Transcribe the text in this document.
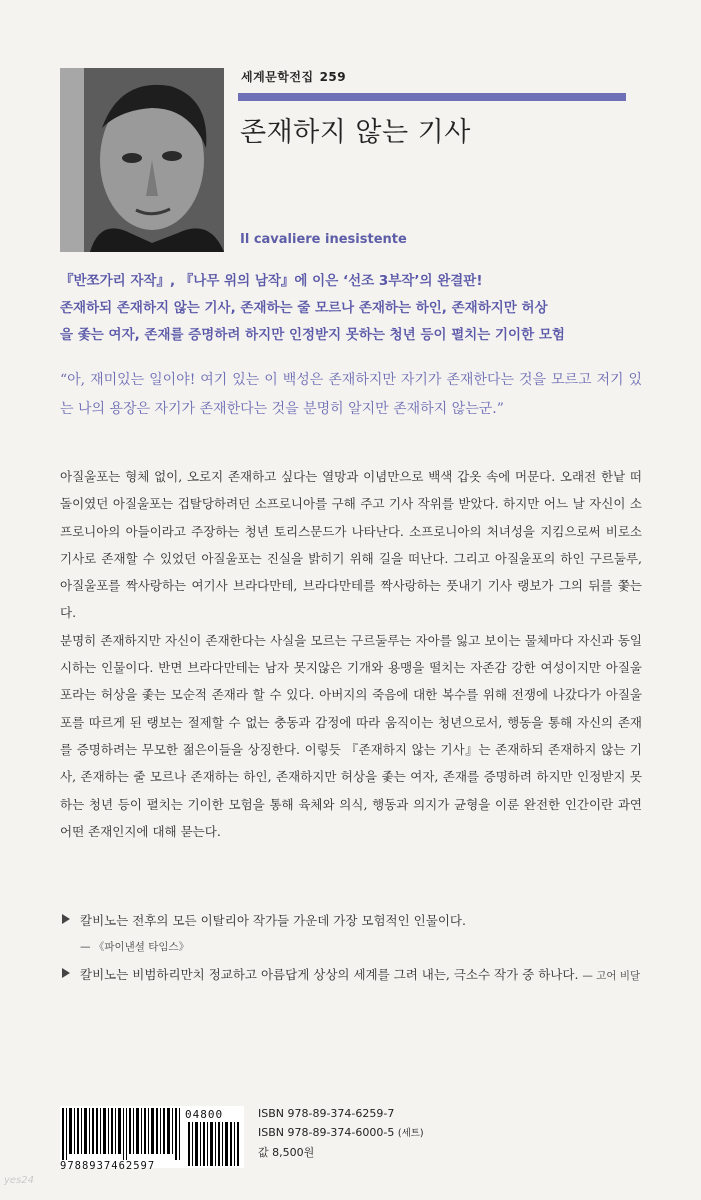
세계문학전집 259
존재하지 않는 기사
Il cavaliere inesistente
『반쪼가리 자작』, 『나무 위의 남작』에 이은 ‘선조 3부작’의 완결판!
존재하되 존재하지 않는 기사, 존재하는 줄 모르나 존재하는 하인, 존재하지만 허상
을 좇는 여자, 존재를 증명하려 하지만 인정받지 못하는 청년 등이 펼치는 기이한 모험
“아, 재미있는 일이야! 여기 있는 이 백성은 존재하지만 자기가 존재한다는 것을 모르고 저기 있는 나의 용장은 자기가 존재한다는 것을 분명히 알지만 존재하지 않는군.”

아질울포는 형체 없이, 오로지 존재하고 싶다는 열망과 이념만으로 백색 갑옷 속에 머문다. 오래전 한낱 떠돌이였던 아질울포는 겁탈당하려던 소프로니아를 구해 주고 기사 작위를 받았다. 하지만 어느 날 자신이 소프로니아의 아들이라고 주장하는 청년 토리스문드가 나타난다. 소프로니아의 처녀성을 지킴으로써 비로소 기사로 존재할 수 있었던 아질울포는 진실을 밝히기 위해 길을 떠난다. 그리고 아질울포의 하인 구르둘루, 아질울포를 짝사랑하는 여기사 브라다만테, 브라다만테를 짝사랑하는 풋내기 기사 랭보가 그의 뒤를 쫓는다.

분명히 존재하지만 자신이 존재한다는 사실을 모르는 구르둘루는 자아를 잃고 보이는 물체마다 자신과 동일시하는 인물이다. 반면 브라다만테는 남자 못지않은 기개와 용맹을 떨치는 자존감 강한 여성이지만 아질울포라는 허상을 좇는 모순적 존재라 할 수 있다. 아버지의 죽음에 대한 복수를 위해 전쟁에 나갔다가 아질울포를 따르게 된 랭보는 절제할 수 없는 충동과 감정에 따라 움직이는 청년으로서, 행동을 통해 자신의 존재를 증명하려는 무모한 젊은이들을 상징한다. 이렇듯 『존재하지 않는 기사』는 존재하되 존재하지 않는 기사, 존재하는 줄 모르나 존재하는 하인, 존재하지만 허상을 좇는 여자, 존재를 증명하려 하지만 인정받지 못하는 청년 등이 펼치는 기이한 모험을 통해 육체와 의식, 행동과 의지가 균형을 이룬 완전한 인간이란 과연 어떤 존재인지에 대해 묻는다.

칼비노는 전후의 모든 이탈리아 작가들 가운데 가장 모험적인 인물이다.
— 《파이낸셜 타임스》
칼비노는 비범하리만치 정교하고 아름답게 상상의 세계를 그려 내는, 극소수 작가 중 하나다. — 고어 비달
04800
9788937462597
ISBN 978-89-374-6259-7
ISBN 978-89-374-6000-5 (세트)
값 8,500원
yes24
